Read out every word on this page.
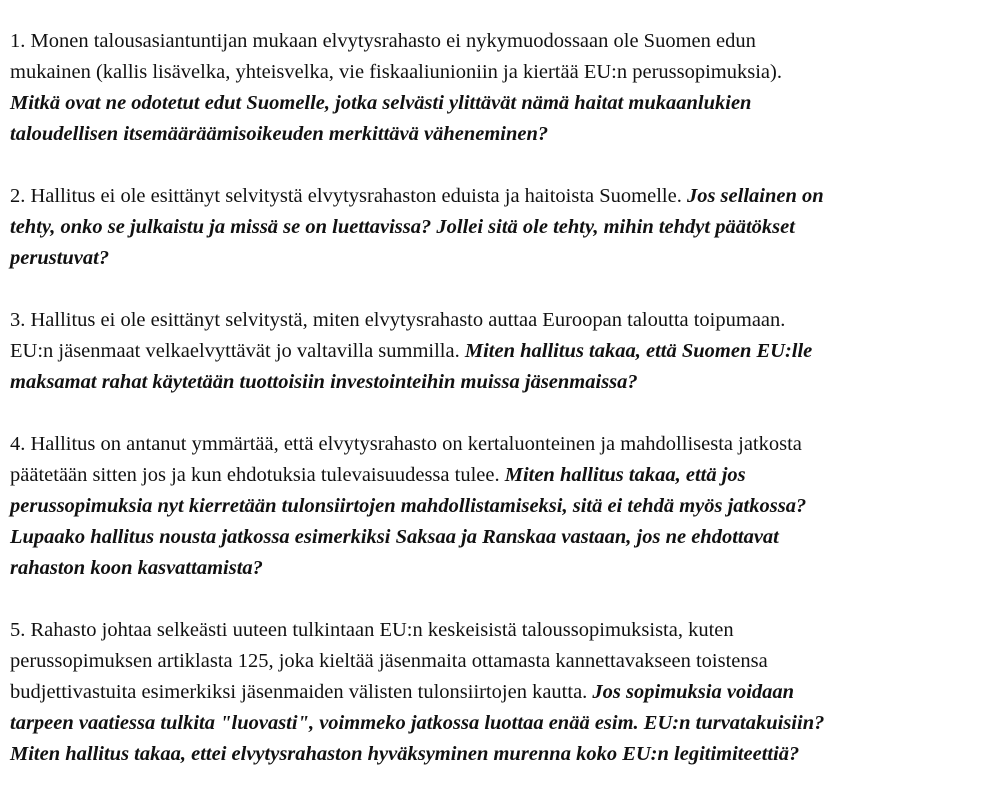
1. Monen talousasiantuntijan mukaan elvytysrahasto ei nykymuodossaan ole Suomen edun
mukainen (kallis lisävelka, yhteisvelka, vie fiskaaliunioniin ja kiertää EU:n perussopimuksia).
Mitkä ovat ne odotetut edut Suomelle, jotka selvästi ylittävät nämä haitat mukaanlukien
taloudellisen itsemääräämisoikeuden merkittävä väheneminen?

2. Hallitus ei ole esittänyt selvitystä elvytysrahaston eduista ja haitoista Suomelle. Jos sellainen on
tehty, onko se julkaistu ja missä se on luettavissa? Jollei sitä ole tehty, mihin tehdyt päätökset
perustuvat?

3. Hallitus ei ole esittänyt selvitystä, miten elvytysrahasto auttaa Euroopan taloutta toipumaan.
EU:n jäsenmaat velkaelvyttävät jo valtavilla summilla. Miten hallitus takaa, että Suomen EU:lle
maksamat rahat käytetään tuottoisiin investointeihin muissa jäsenmaissa?

4. Hallitus on antanut ymmärtää, että elvytysrahasto on kertaluonteinen ja mahdollisesta jatkosta
päätetään sitten jos ja kun ehdotuksia tulevaisuudessa tulee. Miten hallitus takaa, että jos
perussopimuksia nyt kierretään tulonsiirtojen mahdollistamiseksi, sitä ei tehdä myös jatkossa?
Lupaako hallitus nousta jatkossa esimerkiksi Saksaa ja Ranskaa vastaan, jos ne ehdottavat
rahaston koon kasvattamista?

5. Rahasto johtaa selkeästi uuteen tulkintaan EU:n keskeisistä taloussopimuksista, kuten
perussopimuksen artiklasta 125, joka kieltää jäsenmaita ottamasta kannettavakseen toistensa
budjettivastuita esimerkiksi jäsenmaiden välisten tulonsiirtojen kautta. Jos sopimuksia voidaan
tarpeen vaatiessa tulkita "luovasti", voimmeko jatkossa luottaa enää esim. EU:n turvatakuisiin?
Miten hallitus takaa, ettei elvytysrahaston hyväksyminen murenna koko EU:n legitimiteettiä?
